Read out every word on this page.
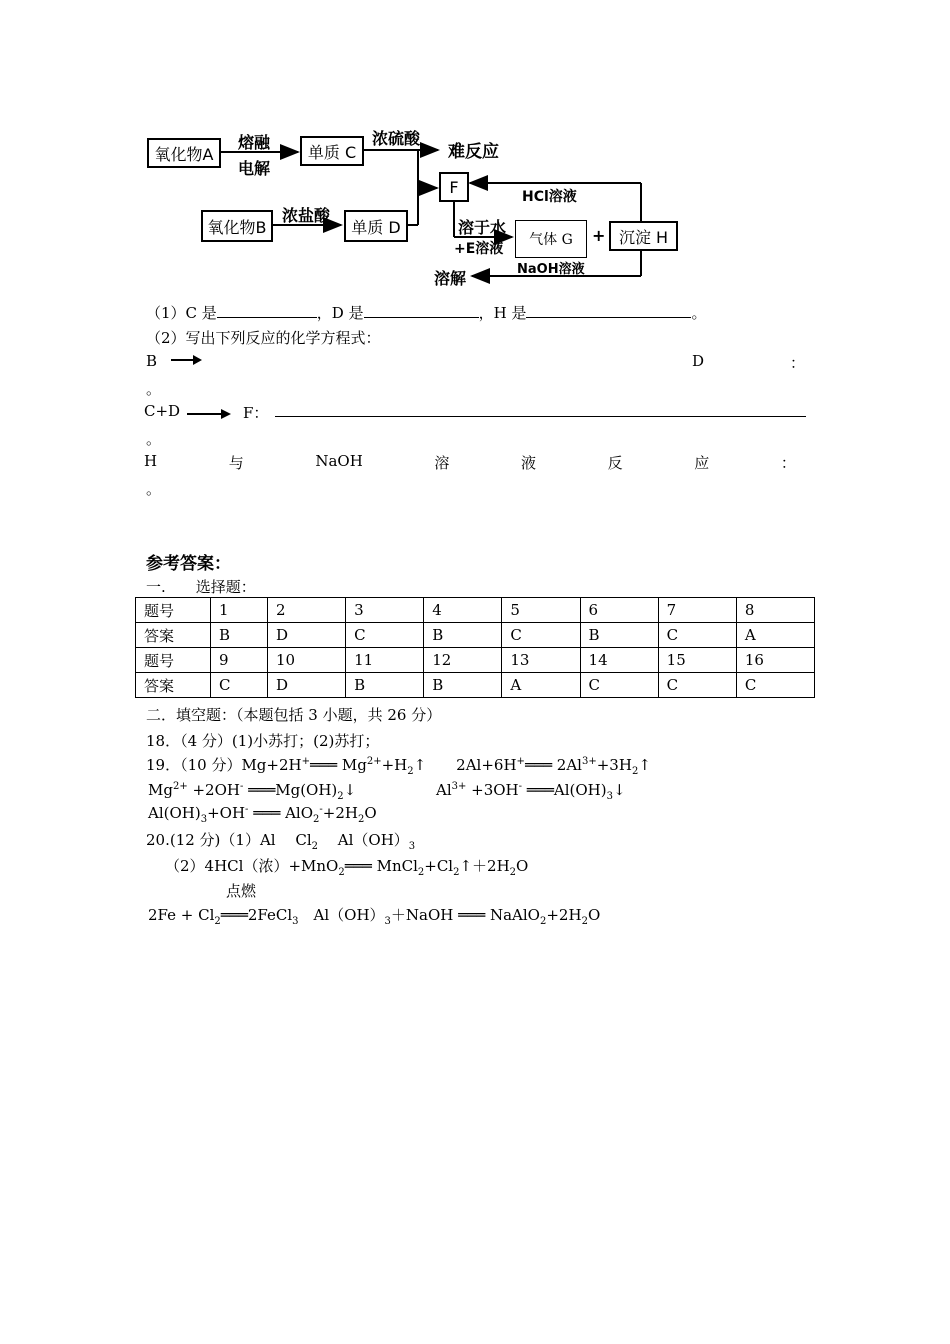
氧化物A	单质 C
氧化物B	单质 D
F
气体 G	沉淀 H
+
熔融
电解
浓硫酸
难反应
浓盐酸
HCl溶液
溶于水
+E溶液
NaOH溶液
溶解
（1）C 是	，D 是	，H 是	。
（2）写出下列反应的化学方程式：
B	D	：
。
C+D	F：
。
H	与	NaOH	溶	液	反	应	：
。
参考答案：
一.　　选择题：
题号	1	2	3	4	5	6	7	8
答案	B	D	C	B	C	B	C	A
题号	9	10	11	12	13	14	15	16
答案	C	D	B	B	A	C	C	C
二．填空题：（本题包括 3 小题，共 26 分）
18．（4 分）(1)小苏打；(2)苏打；
19．（10 分）Mg+2H+═══ $Mg^{2+}+H_2↑$　　2Al+6H+═══ $2Al^{3+}+3H_2↑$
$Mg^{2+} +2OH^-$ $═══Mg(OH)_2↓$　　　　　 $Al^{3+} +3OH^-$ $═══Al(OH)_3↓$
$Al(OH)_3+OH^-$ ═══ $AlO_2^-+2H_2O$
20.(12 分)（1）Al　 $Cl_2$　 $Al(OH)_3$
（2）4HCl（浓）+MnO$_2$═══ $MnCl_2+Cl_2↑+2H_2O$
点燃
$2Fe + Cl_2═══2FeCl_3$　$Al(OH)_3+NaOH$ ═══ $NaAlO_2+2H_2O$
